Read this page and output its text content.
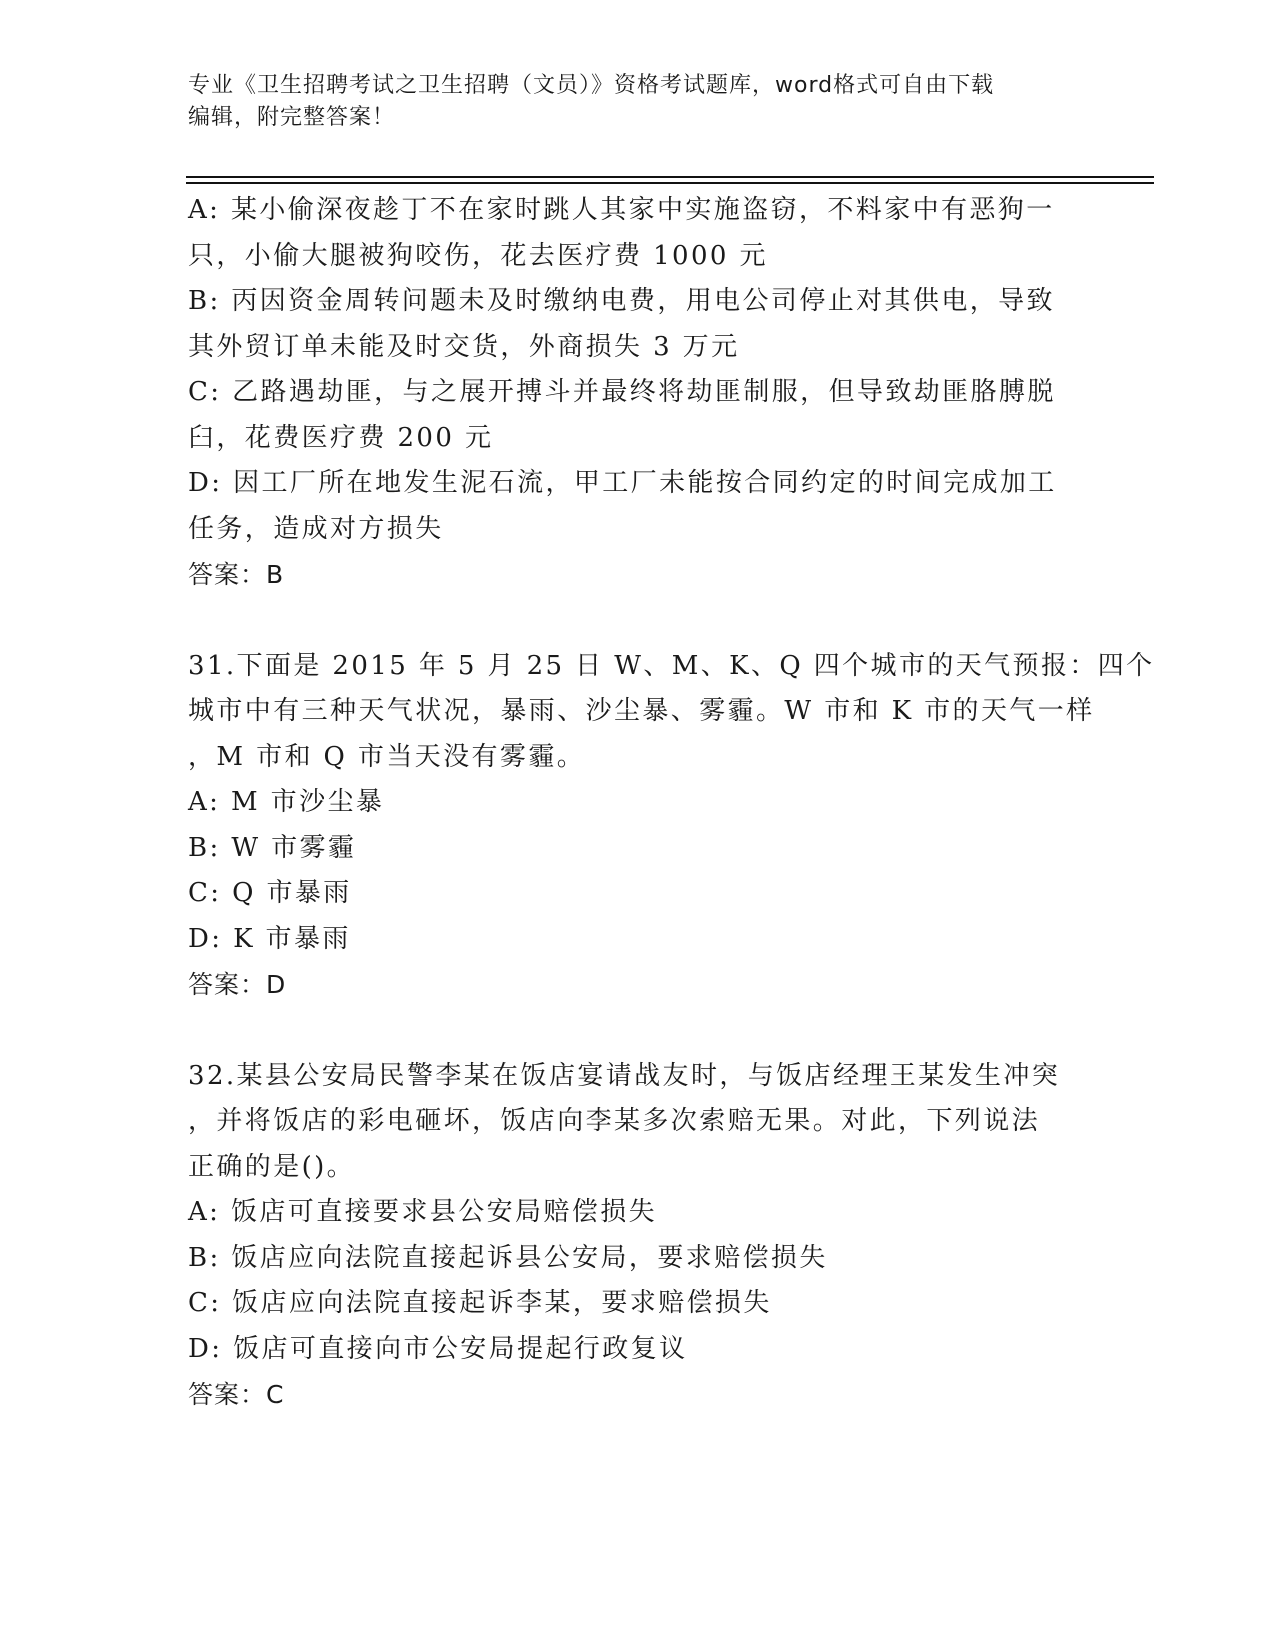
专业《卫生招聘考试之卫生招聘（文员）》资格考试题库，word格式可自由下载
编辑，附完整答案！
A: 某小偷深夜趁丁不在家时跳人其家中实施盗窃，不料家中有恶狗一
只，小偷大腿被狗咬伤，花去医疗费 1000 元
B: 丙因资金周转问题未及时缴纳电费，用电公司停止对其供电，导致
其外贸订单未能及时交货，外商损失 3 万元
C: 乙路遇劫匪，与之展开搏斗并最终将劫匪制服，但导致劫匪胳膊脱
臼，花费医疗费 200 元
D: 因工厂所在地发生泥石流，甲工厂未能按合同约定的时间完成加工
任务，造成对方损失
答案：B
31.下面是 2015 年 5 月 25 日 W、M、K、Q 四个城市的天气预报：四个
城市中有三种天气状况，暴雨、沙尘暴、雾霾。W 市和 K 市的天气一样
，M 市和 Q 市当天没有雾霾。
A: M 市沙尘暴
B: W 市雾霾
C: Q 市暴雨
D: K 市暴雨
答案：D
32.某县公安局民警李某在饭店宴请战友时，与饭店经理王某发生冲突
，并将饭店的彩电砸坏，饭店向李某多次索赔无果。对此，下列说法
正确的是()。
A: 饭店可直接要求县公安局赔偿损失
B: 饭店应向法院直接起诉县公安局，要求赔偿损失
C: 饭店应向法院直接起诉李某，要求赔偿损失
D: 饭店可直接向市公安局提起行政复议
答案：C
